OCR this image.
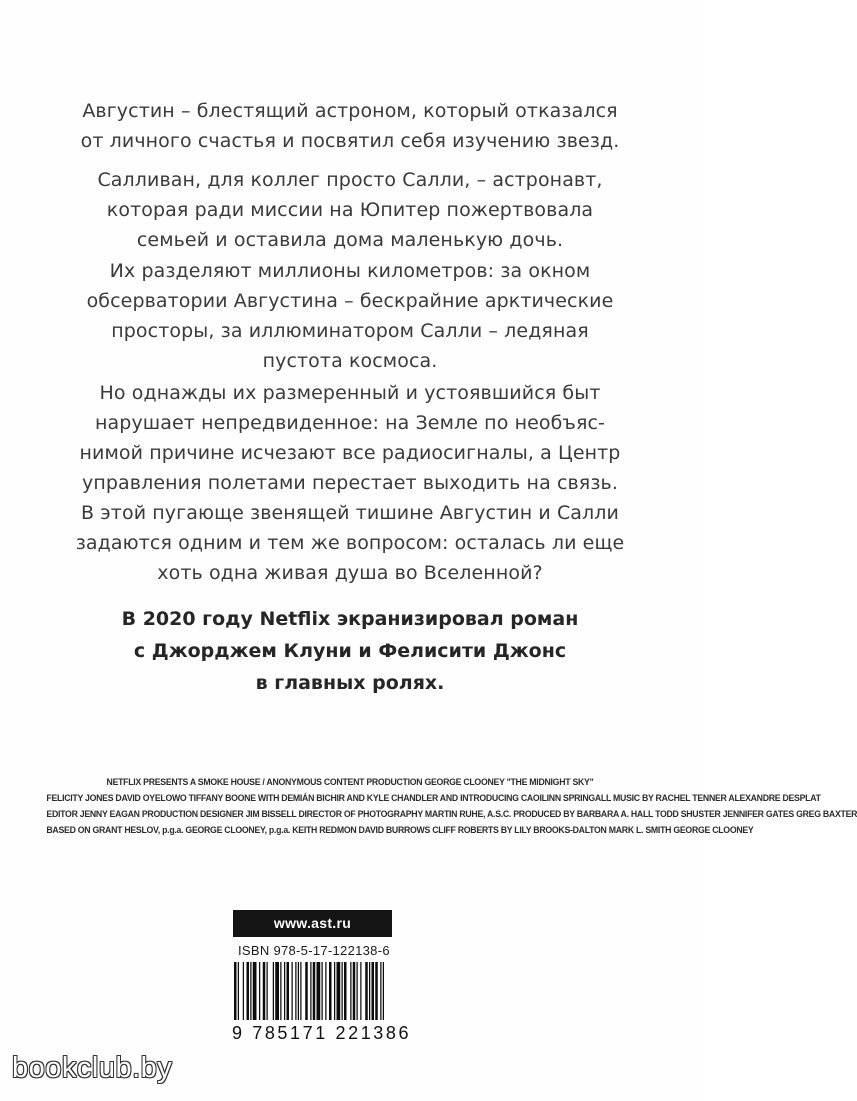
Августин – блестящий астроном, который отказался
от личного счастья и посвятил себя изучению звезд.
Салливан, для коллег просто Салли, – астронавт,
которая ради миссии на Юпитер пожертвовала
семьей и оставила дома маленькую дочь.
Их разделяют миллионы километров: за окном
обсерватории Августина – бескрайние арктические
просторы, за иллюминатором Салли – ледяная
пустота космоса.
Но однажды их размеренный и устоявшийся быт
нарушает непредвиденное: на Земле по необъяс-
нимой причине исчезают все радиосигналы, а Центр
управления полетами перестает выходить на связь.
В этой пугающе звенящей тишине Августин и Салли
задаются одним и тем же вопросом: осталась ли еще
хоть одна живая душа во Вселенной?
В 2020 году Netflix экранизировал роман
с Джорджем Клуни и Фелисити Джонс
в главных ролях.
NETFLIX PRESENTS A SMOKE HOUSE / ANONYMOUS CONTENT PRODUCTION GEORGE CLOONEY "THE MIDNIGHT SKY"
FELICITY JONES DAVID OYELOWO TIFFANY BOONE WITH DEMIÁN BICHIR AND KYLE CHANDLER AND INTRODUCING CAOILINN SPRINGALL MUSIC BY RACHEL TENNER ALEXANDRE DESPLAT
EDITOR JENNY EAGAN PRODUCTION DESIGNER JIM BISSELL DIRECTOR OF PHOTOGRAPHY MARTIN RUHE, A.S.C. PRODUCED BY BARBARA A. HALL TODD SHUSTER JENNIFER GATES GREG BAXTER
BASED ON GRANT HESLOV, p.g.a. GEORGE CLOONEY, p.g.a. KEITH REDMON DAVID BURROWS CLIFF ROBERTS BY LILY BROOKS-DALTON MARK L. SMITH GEORGE CLOONEY
www.ast.ru
ISBN 978-5-17-122138-6
9 785171 221386
bookclub.by
